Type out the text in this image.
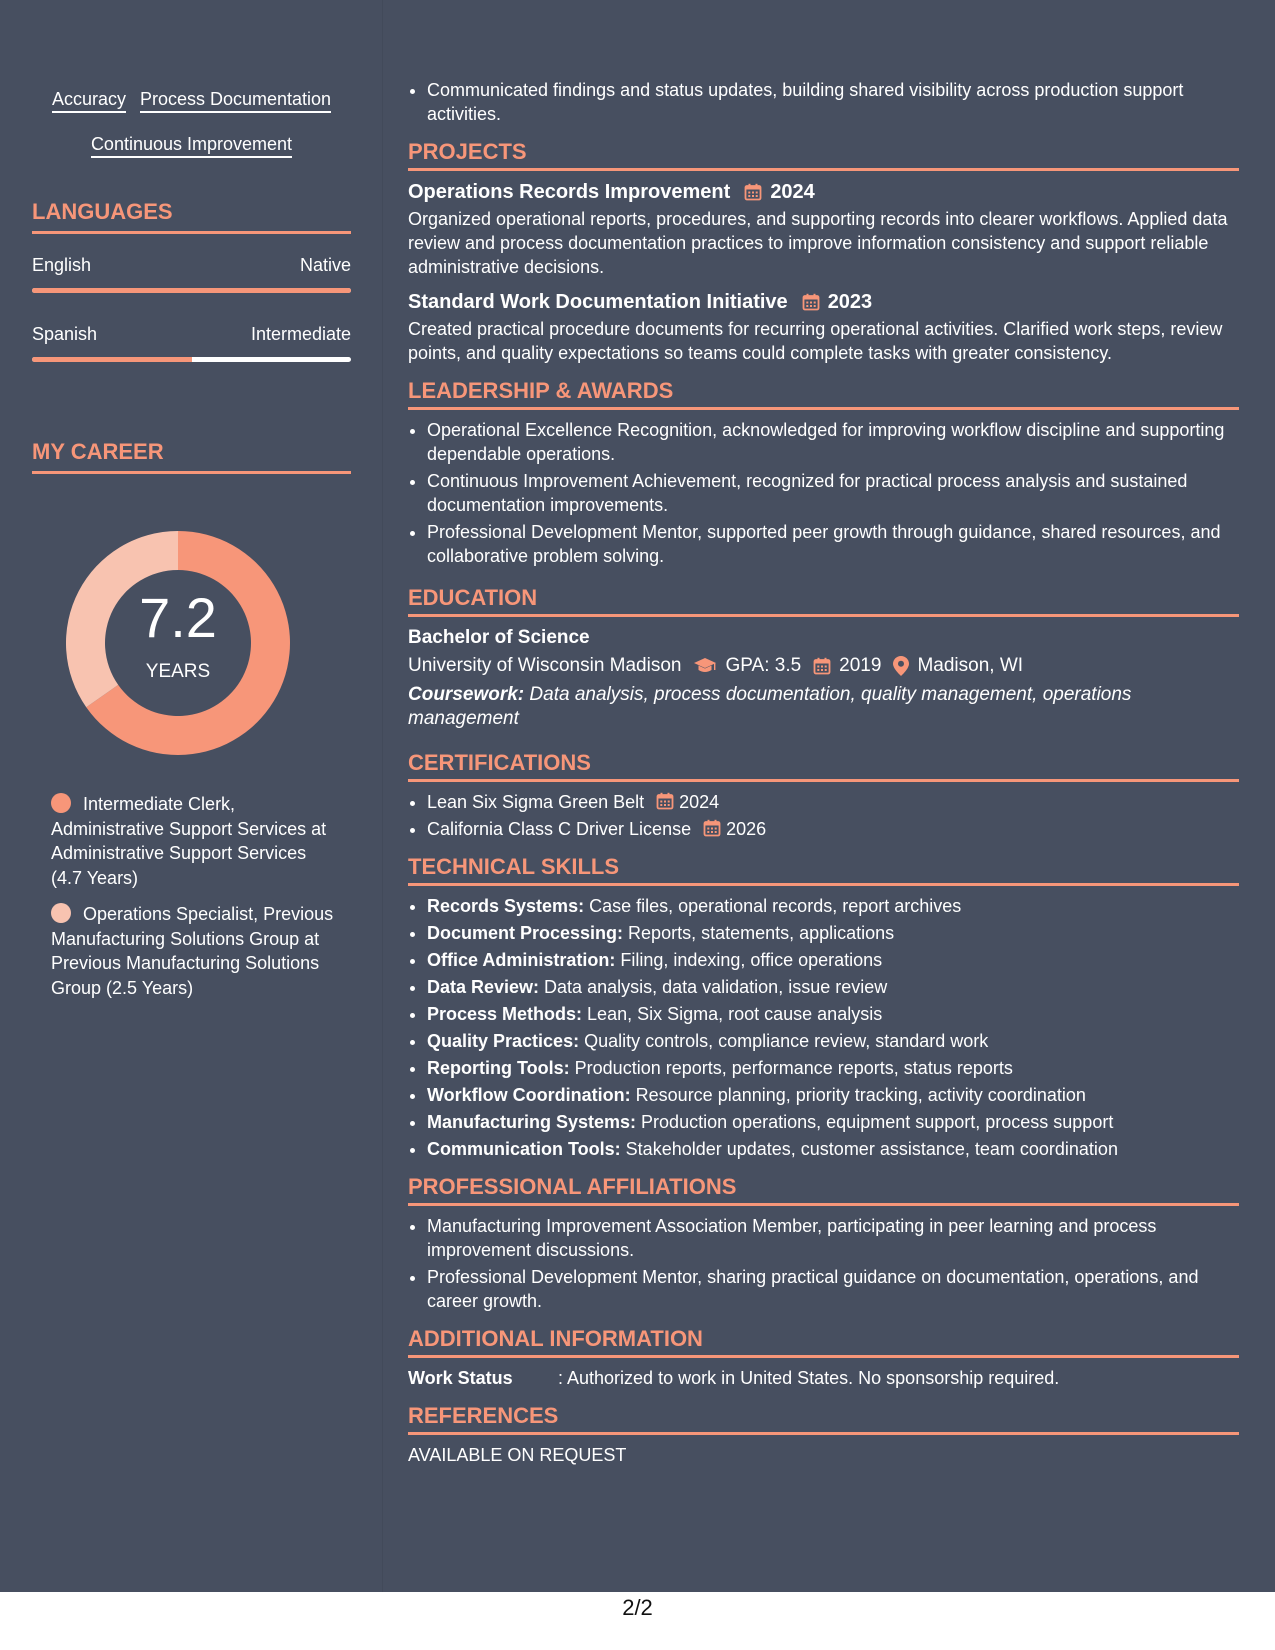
Accuracy Process Documentation
Continuous Improvement
LANGUAGES
English	Native
Spanish	Intermediate
MY CAREER
7.2
YEARS
Intermediate Clerk, Administrative Support Services at Administrative Support Services (4.7 Years)
Operations Specialist, Previous Manufacturing Solutions Group at Previous Manufacturing Solutions Group (2.5 Years)
• Communicated findings and status updates, building shared visibility across production support activities.
PROJECTS
Operations Records Improvement 2024
Organized operational reports, procedures, and supporting records into clearer workflows. Applied data review and process documentation practices to improve information consistency and support reliable administrative decisions.
Standard Work Documentation Initiative 2023
Created practical procedure documents for recurring operational activities. Clarified work steps, review points, and quality expectations so teams could complete tasks with greater consistency.
LEADERSHIP & AWARDS
• Operational Excellence Recognition, acknowledged for improving workflow discipline and supporting dependable operations.
• Continuous Improvement Achievement, recognized for practical process analysis and sustained documentation improvements.
• Professional Development Mentor, supported peer growth through guidance, shared resources, and collaborative problem solving.
EDUCATION
Bachelor of Science
University of Wisconsin Madison GPA: 3.5 2019 Madison, WI
Coursework: Data analysis, process documentation, quality management, operations management
CERTIFICATIONS
• Lean Six Sigma Green Belt 2024
• California Class C Driver License 2026
TECHNICAL SKILLS
• Records Systems: Case files, operational records, report archives
• Document Processing: Reports, statements, applications
• Office Administration: Filing, indexing, office operations
• Data Review: Data analysis, data validation, issue review
• Process Methods: Lean, Six Sigma, root cause analysis
• Quality Practices: Quality controls, compliance review, standard work
• Reporting Tools: Production reports, performance reports, status reports
• Workflow Coordination: Resource planning, priority tracking, activity coordination
• Manufacturing Systems: Production operations, equipment support, process support
• Communication Tools: Stakeholder updates, customer assistance, team coordination
PROFESSIONAL AFFILIATIONS
• Manufacturing Improvement Association Member, participating in peer learning and process improvement discussions.
• Professional Development Mentor, sharing practical guidance on documentation, operations, and career growth.
ADDITIONAL INFORMATION
Work Status	: Authorized to work in United States. No sponsorship required.
REFERENCES
AVAILABLE ON REQUEST
2/2
